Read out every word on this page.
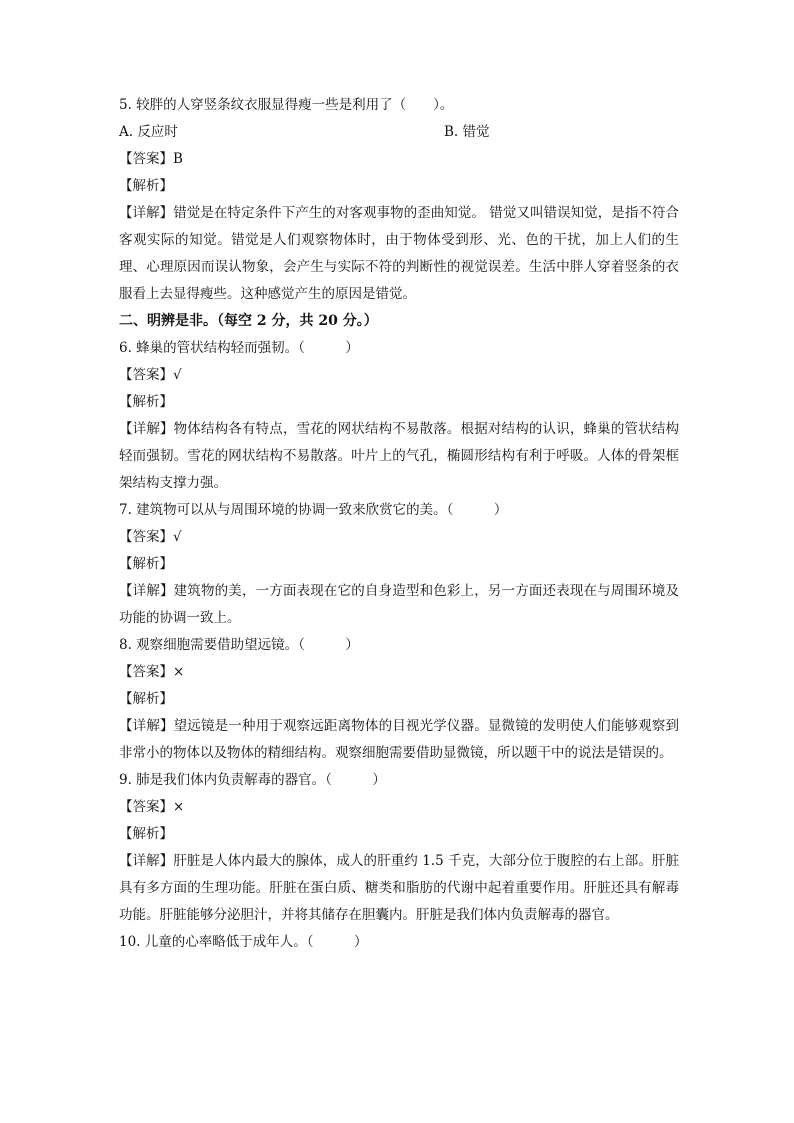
5. 较胖的人穿竖条纹衣服显得瘦一些是利用了（　　）。
A. 反应时	B. 错觉
【答案】B
【解析】

【详解】错觉是在特定条件下产生的对客观事物的歪曲知觉。 错觉又叫错误知觉，是指不符合客观实际的知觉。错觉是人们观察物体时，由于物体受到形、光、色的干扰，加上人们的生理、心理原因而误认物象，会产生与实际不符的判断性的视觉误差。生活中胖人穿着竖条的衣服看上去显得瘦些。这种感觉产生的原因是错觉。

二、明辨是非。（每空 2 分，共 20 分。）
6. 蜂巢的管状结构轻而强韧。（　　　）
【答案】√
【解析】

【详解】物体结构各有特点，雪花的网状结构不易散落。根据对结构的认识，蜂巢的管状结构轻而强韧。雪花的网状结构不易散落。叶片上的气孔，椭圆形结构有利于呼吸。人体的骨架框架结构支撑力强。

7. 建筑物可以从与周围环境的协调一致来欣赏它的美。（　　　）
【答案】√
【解析】

【详解】建筑物的美，一方面表现在它的自身造型和色彩上，另一方面还表现在与周围环境及功能的协调一致上。

8. 观察细胞需要借助望远镜。（　　　）
【答案】×
【解析】

【详解】望远镜是一种用于观察远距离物体的目视光学仪器。显微镜的发明使人们能够观察到非常小的物体以及物体的精细结构。观察细胞需要借助显微镜，所以题干中的说法是错误的。

9. 肺是我们体内负责解毒的器官。（　　　）
【答案】×
【解析】

【详解】肝脏是人体内最大的腺体，成人的肝重约 1.5 千克，大部分位于腹腔的右上部。肝脏具有多方面的生理功能。肝脏在蛋白质、糖类和脂肪的代谢中起着重要作用。肝脏还具有解毒功能。肝脏能够分泌胆汁，并将其储存在胆囊内。肝脏是我们体内负责解毒的器官。

10. 儿童的心率略低于成年人。（　　　）
